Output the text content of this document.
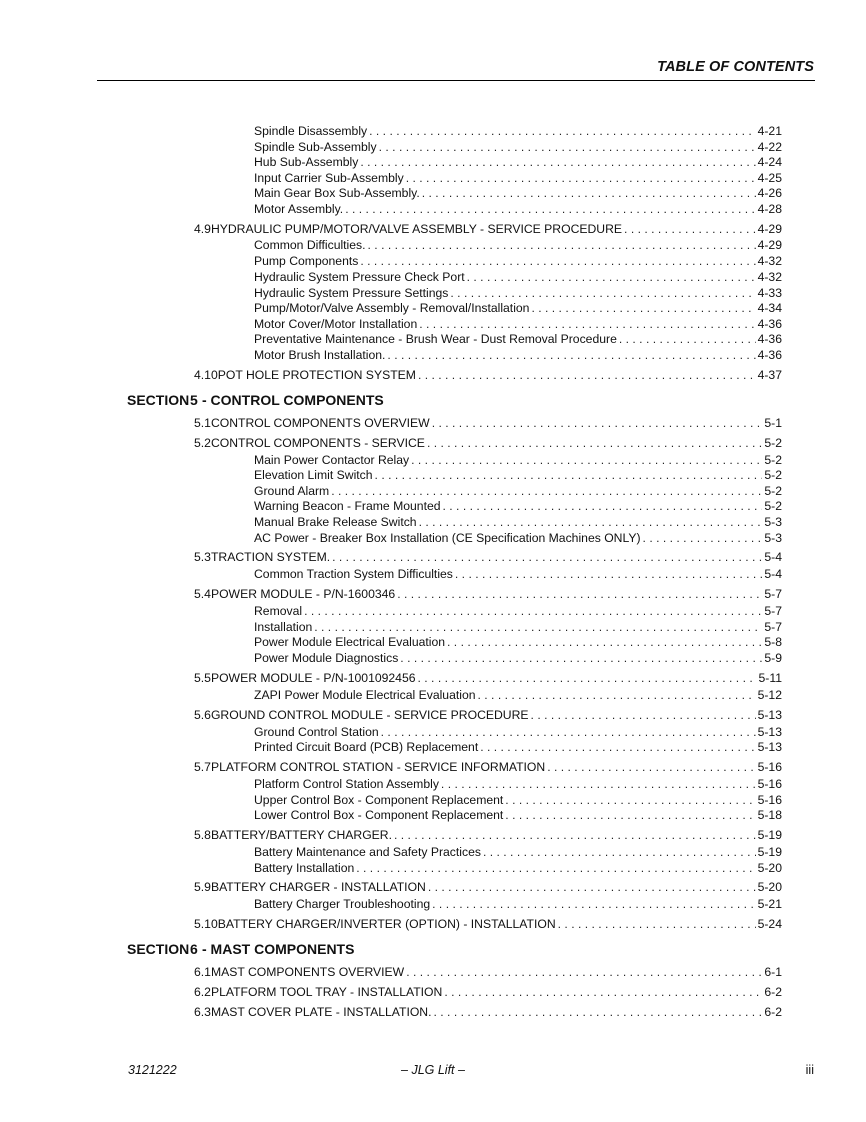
TABLE OF CONTENTS
Spindle Disassembly . . .	4-21
Spindle Sub-Assembly . . .	4-22
Hub Sub-Assembly . . .	4-24
Input Carrier Sub-Assembly . . .	4-25
Main Gear Box Sub-Assembly. . . .	4-26
Motor Assembly. . . .	4-28
4.9 HYDRAULIC PUMP/MOTOR/VALVE ASSEMBLY - SERVICE PROCEDURE . . .	4-29
Common Difficulties. . . .	4-29
Pump Components . . .	4-32
Hydraulic System Pressure Check Port . . .	4-32
Hydraulic System Pressure Settings . . .	4-33
Pump/Motor/Valve Assembly - Removal/Installation . . .	4-34
Motor Cover/Motor Installation . . .	4-36
Preventative Maintenance - Brush Wear - Dust Removal Procedure . . .	4-36
Motor Brush Installation. . . .	4-36
4.10 POT HOLE PROTECTION SYSTEM . . .	4-37
SECTION5 - CONTROL COMPONENTS
5.1 CONTROL COMPONENTS OVERVIEW . . .	5-1
5.2 CONTROL COMPONENTS - SERVICE . . .	5-2
Main Power Contactor Relay . . .	5-2
Elevation Limit Switch . . .	5-2
Ground Alarm . . .	5-2
Warning Beacon - Frame Mounted . . .	5-2
Manual Brake Release Switch . . .	5-3
AC Power - Breaker Box Installation (CE Specification Machines ONLY) . . .	5-3
5.3 TRACTION SYSTEM. . . .	5-4
Common Traction System Difficulties . . .	5-4
5.4 POWER MODULE - P/N-1600346 . . .	5-7
Removal . . .	5-7
Installation . . .	5-7
Power Module Electrical Evaluation . . .	5-8
Power Module Diagnostics . . .	5-9
5.5 POWER MODULE - P/N-1001092456 . . .	5-11
ZAPI Power Module Electrical Evaluation . . .	5-12
5.6 GROUND CONTROL MODULE - SERVICE PROCEDURE . . .	5-13
Ground Control Station . . .	5-13
Printed Circuit Board (PCB) Replacement . . .	5-13
5.7 PLATFORM CONTROL STATION - SERVICE INFORMATION . . .	5-16
Platform Control Station Assembly . . .	5-16
Upper Control Box - Component Replacement . . .	5-16
Lower Control Box - Component Replacement . . .	5-18
5.8 BATTERY/BATTERY CHARGER. . . .	5-19
Battery Maintenance and Safety Practices . . .	5-19
Battery Installation . . .	5-20
5.9 BATTERY CHARGER - INSTALLATION . . .	5-20
Battery Charger Troubleshooting . . .	5-21
5.10 BATTERY CHARGER/INVERTER (OPTION) - INSTALLATION . . .	5-24
SECTION6 - MAST COMPONENTS
6.1 MAST COMPONENTS OVERVIEW . . .	6-1
6.2 PLATFORM TOOL TRAY - INSTALLATION . . .	6-2
6.3 MAST COVER PLATE - INSTALLATION. . . .	6-2
3121222	– JLG Lift –	iii
